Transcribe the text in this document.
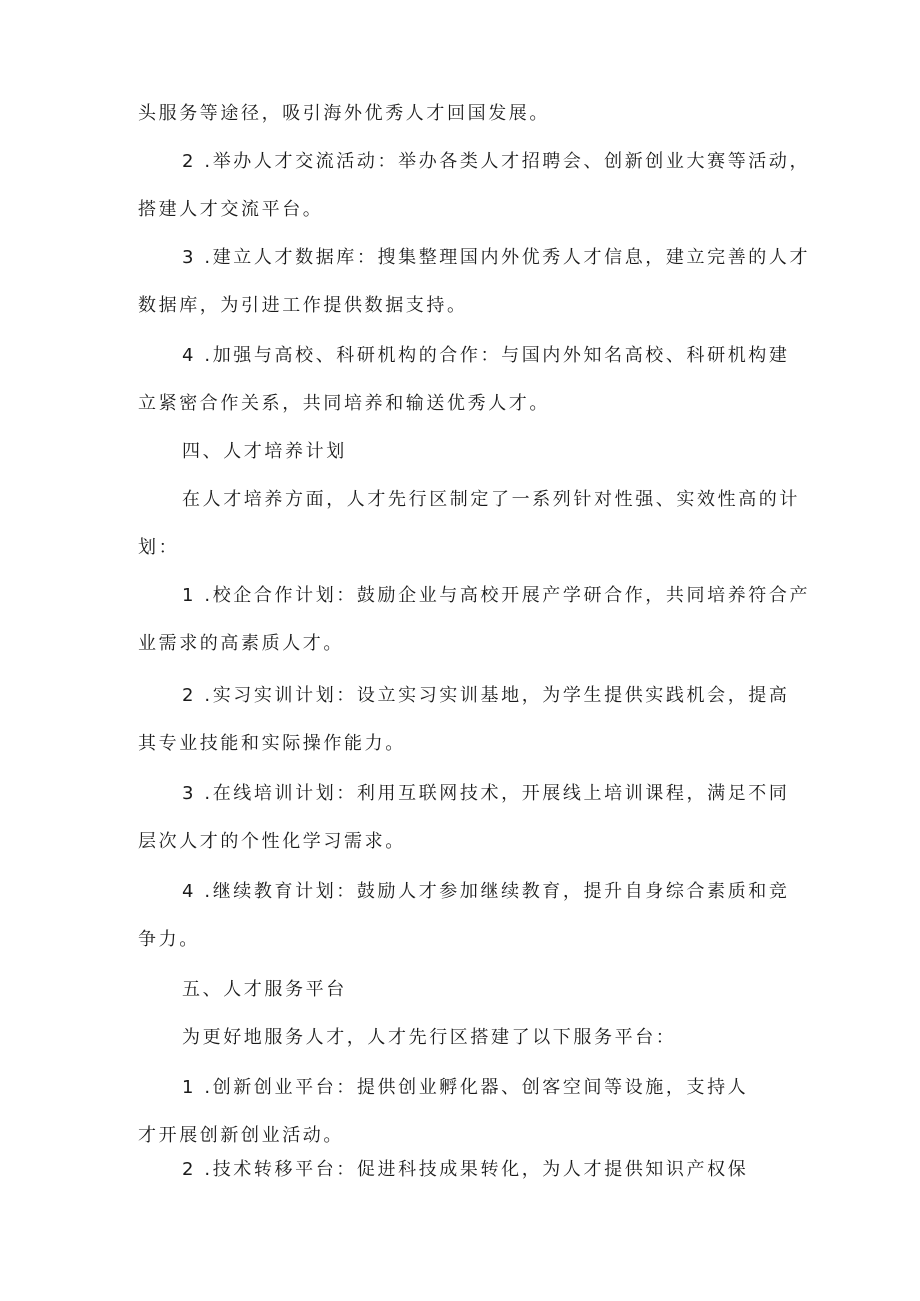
头服务等途径，吸引海外优秀人才回国发展。
2 .举办人才交流活动：举办各类人才招聘会、创新创业大赛等活动，
搭建人才交流平台。
3 .建立人才数据库：搜集整理国内外优秀人才信息，建立完善的人才
数据库，为引进工作提供数据支持。
4 .加强与高校、科研机构的合作：与国内外知名高校、科研机构建
立紧密合作关系，共同培养和输送优秀人才。
四、人才培养计划
在人才培养方面，人才先行区制定了一系列针对性强、实效性高的计
划：
1 .校企合作计划：鼓励企业与高校开展产学研合作，共同培养符合产
业需求的高素质人才。
2 .实习实训计划：设立实习实训基地，为学生提供实践机会，提高
其专业技能和实际操作能力。
3 .在线培训计划：利用互联网技术，开展线上培训课程，满足不同
层次人才的个性化学习需求。
4 .继续教育计划：鼓励人才参加继续教育，提升自身综合素质和竞
争力。
五、人才服务平台
为更好地服务人才，人才先行区搭建了以下服务平台：
1 .创新创业平台：提供创业孵化器、创客空间等设施，支持人
才开展创新创业活动。
2 .技术转移平台：促进科技成果转化，为人才提供知识产权保
